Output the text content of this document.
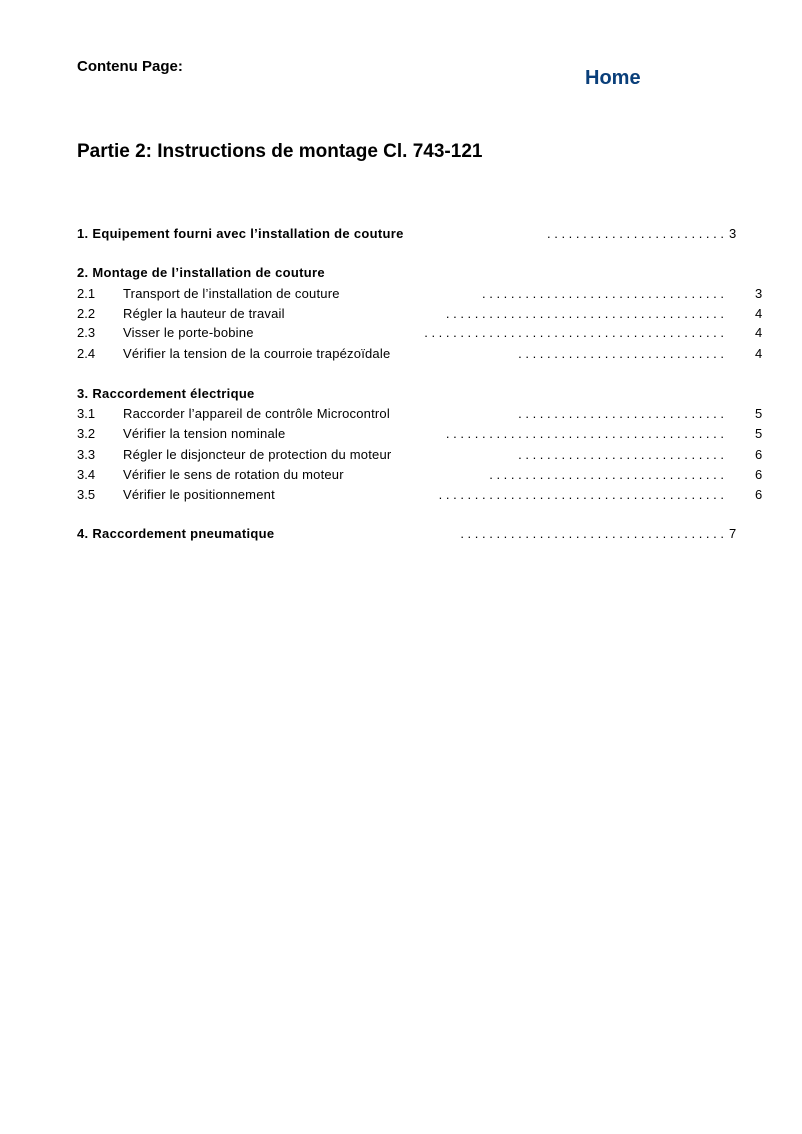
Contenu Page:
Home
Partie 2: Instructions de montage Cl. 743-121
1. Equipement fourni avec l’installation de couture	. . . . . . . . . . . . . . . . . . . . . . . . . 3
2. Montage de l’installation de couture
2.1 Transport de l’installation de couture	. . . . . . . . . . . . . . . . . . . . . . . . . . . . . . . . . . 3
2.2 Régler la hauteur de travail	. . . . . . . . . . . . . . . . . . . . . . . . . . . . . . . . . . . . . . . 4
2.3 Visser le porte-bobine	. . . . . . . . . . . . . . . . . . . . . . . . . . . . . . . . . . . . . . . . . . 4
2.4 Vérifier la tension de la courroie trapézoïdale	. . . . . . . . . . . . . . . . . . . . . . . . . . . . . 4
3. Raccordement électrique
3.1 Raccorder l’appareil de contrôle Microcontrol	. . . . . . . . . . . . . . . . . . . . . . . . . . . . . 5
3.2 Vérifier la tension nominale	. . . . . . . . . . . . . . . . . . . . . . . . . . . . . . . . . . . . . . . 5
3.3 Régler le disjoncteur de protection du moteur	. . . . . . . . . . . . . . . . . . . . . . . . . . . . . 6
3.4 Vérifier le sens de rotation du moteur	. . . . . . . . . . . . . . . . . . . . . . . . . . . . . . . . . 6
3.5 Vérifier le positionnement	. . . . . . . . . . . . . . . . . . . . . . . . . . . . . . . . . . . . . . . . 6
4. Raccordement pneumatique	. . . . . . . . . . . . . . . . . . . . . . . . . . . . . . . . . . . . . 7
